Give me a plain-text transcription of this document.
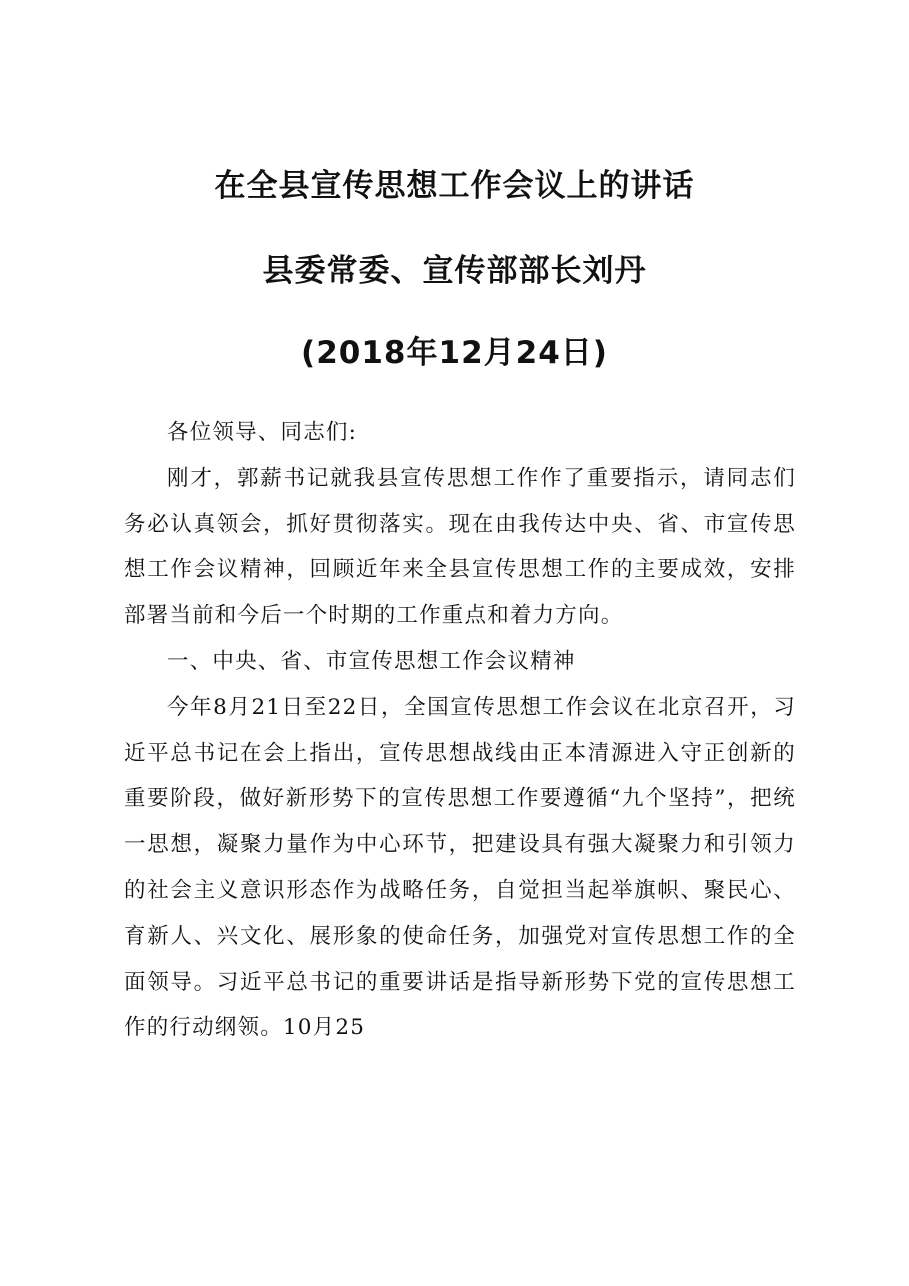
在全县宣传思想工作会议上的讲话
县委常委、宣传部部长刘丹
(2018年12月24日)

各位领导、同志们:

刚才，郭薪书记就我县宣传思想工作作了重要指示，请同志们务必认真领会，抓好贯彻落实。现在由我传达中央、省、市宣传思想工作会议精神，回顾近年来全县宣传思想工作的主要成效，安排部署当前和今后一个时期的工作重点和着力方向。

一、中央、省、市宣传思想工作会议精神

今年8月21日至22日，全国宣传思想工作会议在北京召开，习近平总书记在会上指出，宣传思想战线由正本清源进入守正创新的重要阶段，做好新形势下的宣传思想工作要遵循“九个坚持”，把统一思想，凝聚力量作为中心环节，把建设具有强大凝聚力和引领力的社会主义意识形态作为战略任务，自觉担当起举旗帜、聚民心、育新人、兴文化、展形象的使命任务，加强党对宣传思想工作的全面领导。习近平总书记的重要讲话是指导新形势下党的宣传思想工作的行动纲领。10月25
